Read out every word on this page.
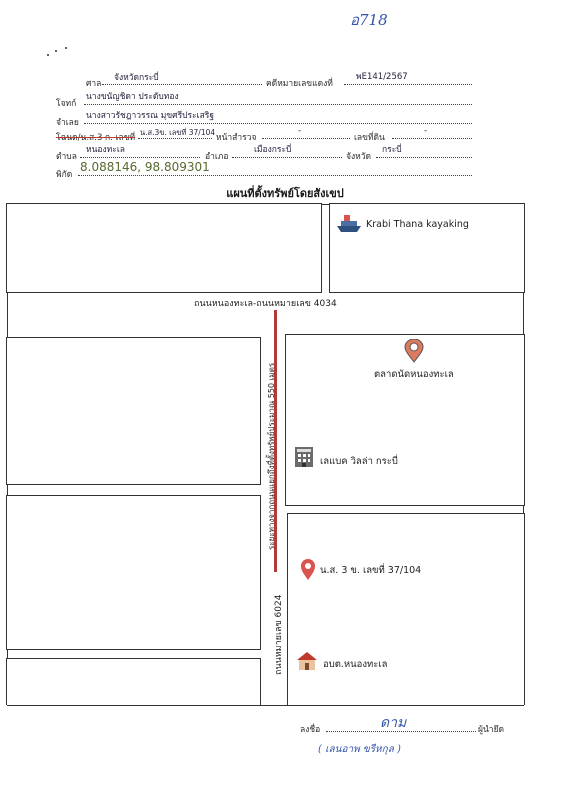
อ718
ศาล
จังหวัดกระบี่
คดีหมายเลขแดงที่
พE141/2567
โจทก์
นางขนัญชิดา ประดับทอง
จำเลย
นางสาวรัชฎาวรรณ มุขศรีประเสริฐ
โฉนด/น.ส.3 ก. เลขที่
น.ส.3ข. เลขที่ 37/104
หน้าสำรวจ
-
เลขที่ดิน
-
ตำบล
หนองทะเล
อำเภอ
เมืองกระบี่
จังหวัด
กระบี่
พิกัด
8.088146, 98.809301
แผนที่ตั้งทรัพย์โดยสังเขป
ถนนหนองทะเล-ถนนหมายเลข 4034
ถนนหมายเลข 6024
ระยะทางจากถนนแยกถึงที่ตั้งทรัพย์ประมาณ 550 เมตร
Krabi Thana kayaking
ตลาดนัดหนองทะเล
เลแบค วิลล่า กระบี่
น.ส. 3 ข. เลขที่ 37/104
อบต.หนองทะเล
ลงชื่อ	ดาม	ผู้นำยึด
( เลนอาพ ขรีหกุล )
